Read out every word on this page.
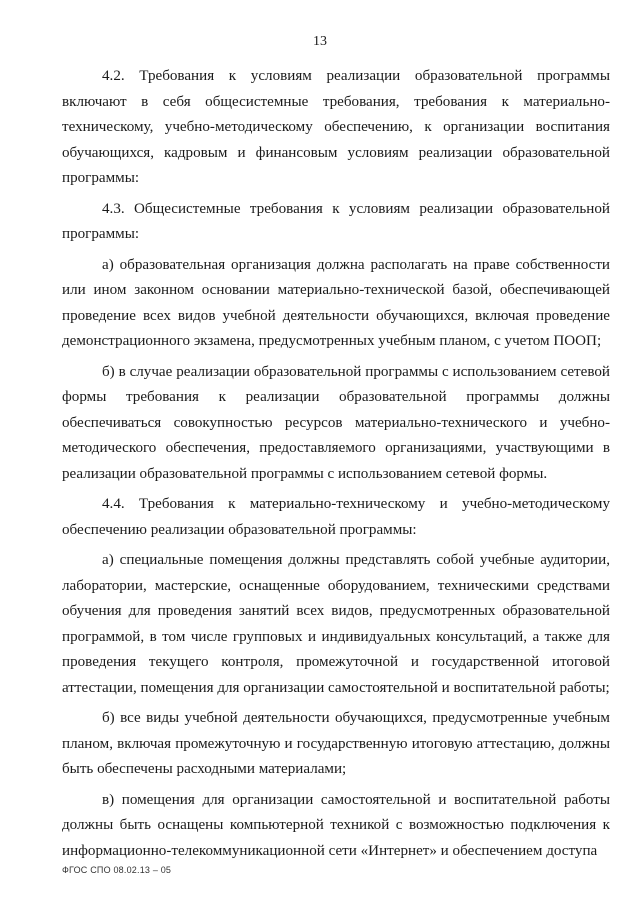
13

4.2. Требования к условиям реализации образовательной программы включают в себя общесистемные требования, требования к материально-техническому, учебно-методическому обеспечению, к организации воспитания обучающихся, кадровым и финансовым условиям реализации образовательной программы:

4.3. Общесистемные требования к условиям реализации образовательной программы:

а) образовательная организация должна располагать на праве собственности или ином законном основании материально-технической базой, обеспечивающей проведение всех видов учебной деятельности обучающихся, включая проведение демонстрационного экзамена, предусмотренных учебным планом, с учетом ПООП;

б) в случае реализации образовательной программы с использованием сетевой формы требования к реализации образовательной программы должны обеспечиваться совокупностью ресурсов материально-технического и учебно-методического обеспечения, предоставляемого организациями, участвующими в реализации образовательной программы с использованием сетевой формы.

4.4. Требования к материально-техническому и учебно-методическому обеспечению реализации образовательной программы:

а) специальные помещения должны представлять собой учебные аудитории, лаборатории, мастерские, оснащенные оборудованием, техническими средствами обучения для проведения занятий всех видов, предусмотренных образовательной программой, в том числе групповых и индивидуальных консультаций, а также для проведения текущего контроля, промежуточной и государственной итоговой аттестации, помещения для организации самостоятельной и воспитательной работы;

б) все виды учебной деятельности обучающихся, предусмотренные учебным планом, включая промежуточную и государственную итоговую аттестацию, должны быть обеспечены расходными материалами;

в) помещения для организации самостоятельной и воспитательной работы должны быть оснащены компьютерной техникой с возможностью подключения к информационно-телекоммуникационной сети «Интернет» и обеспечением доступа

ФГОС СПО 08.02.13 – 05
